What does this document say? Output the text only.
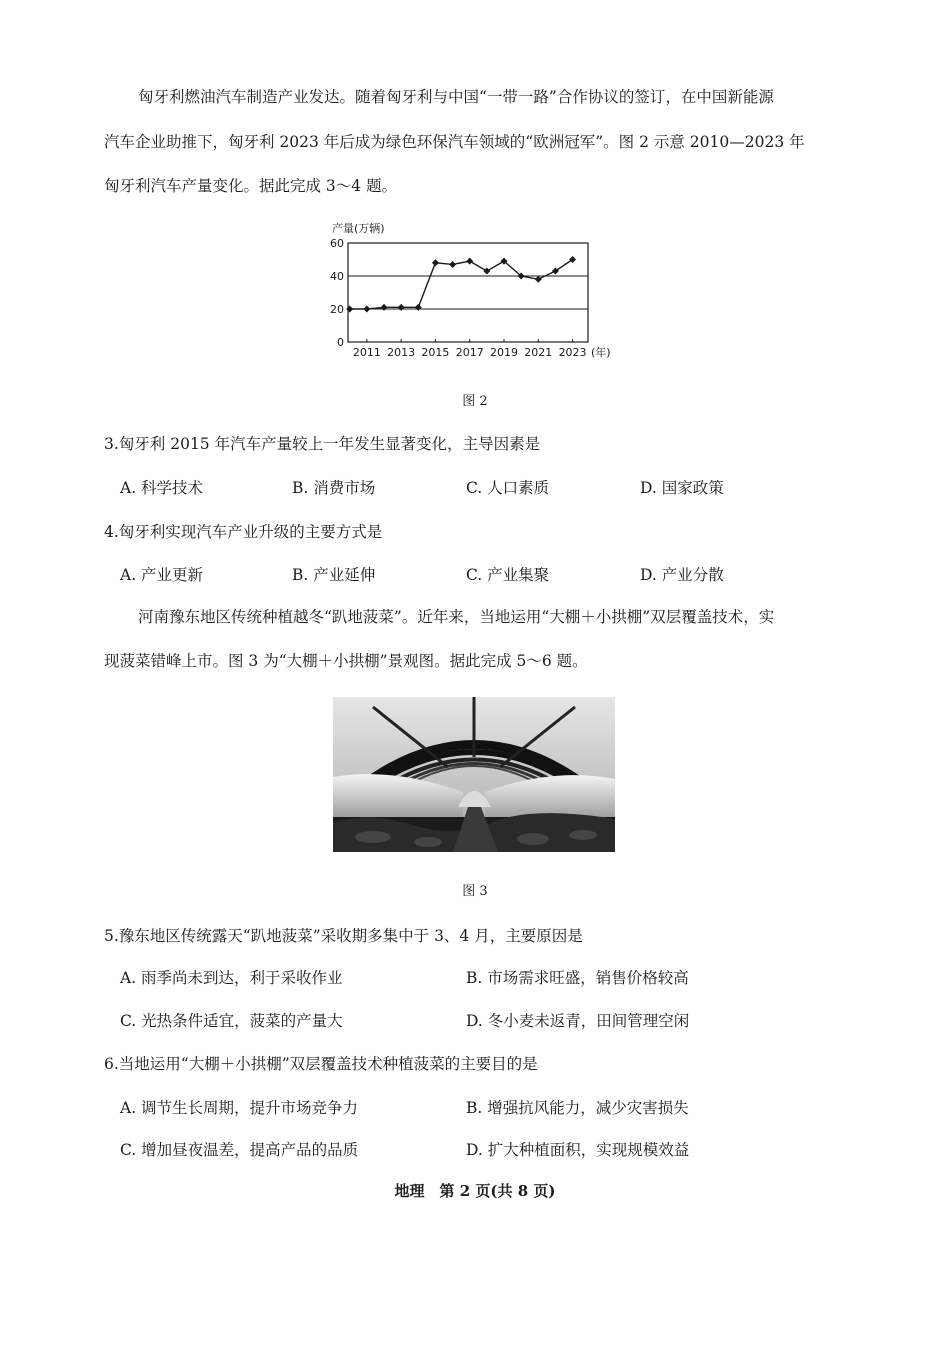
匈牙利燃油汽车制造产业发达。随着匈牙利与中国“一带一路”合作协议的签订，在中国新能源
汽车企业助推下，匈牙利 2023 年后成为绿色环保汽车领域的“欧洲冠军”。图 2 示意 2010—2023 年
匈牙利汽车产量变化。据此完成 3～4 题。
产量(万辆)
0
20
40
60
2011 2013 2015 2017 2019 2021 2023 (年)
图 2
3.匈牙利 2015 年汽车产量较上一年发生显著变化，主导因素是
A. 科学技术	B. 消费市场	C. 人口素质	D. 国家政策
4.匈牙利实现汽车产业升级的主要方式是
A. 产业更新	B. 产业延伸	C. 产业集聚	D. 产业分散
河南豫东地区传统种植越冬“趴地菠菜”。近年来，当地运用“大棚＋小拱棚”双层覆盖技术，实
现菠菜错峰上市。图 3 为“大棚＋小拱棚”景观图。据此完成 5～6 题。
图 3
5.豫东地区传统露天“趴地菠菜”采收期多集中于 3、4 月，主要原因是
A. 雨季尚未到达，利于采收作业	B. 市场需求旺盛，销售价格较高
C. 光热条件适宜，菠菜的产量大	D. 冬小麦未返青，田间管理空闲
6.当地运用“大棚＋小拱棚”双层覆盖技术种植菠菜的主要目的是
A. 调节生长周期，提升市场竞争力	B. 增强抗风能力，减少灾害损失
C. 增加昼夜温差，提高产品的品质	D. 扩大种植面积，实现规模效益
地理　第 2 页(共 8 页)
